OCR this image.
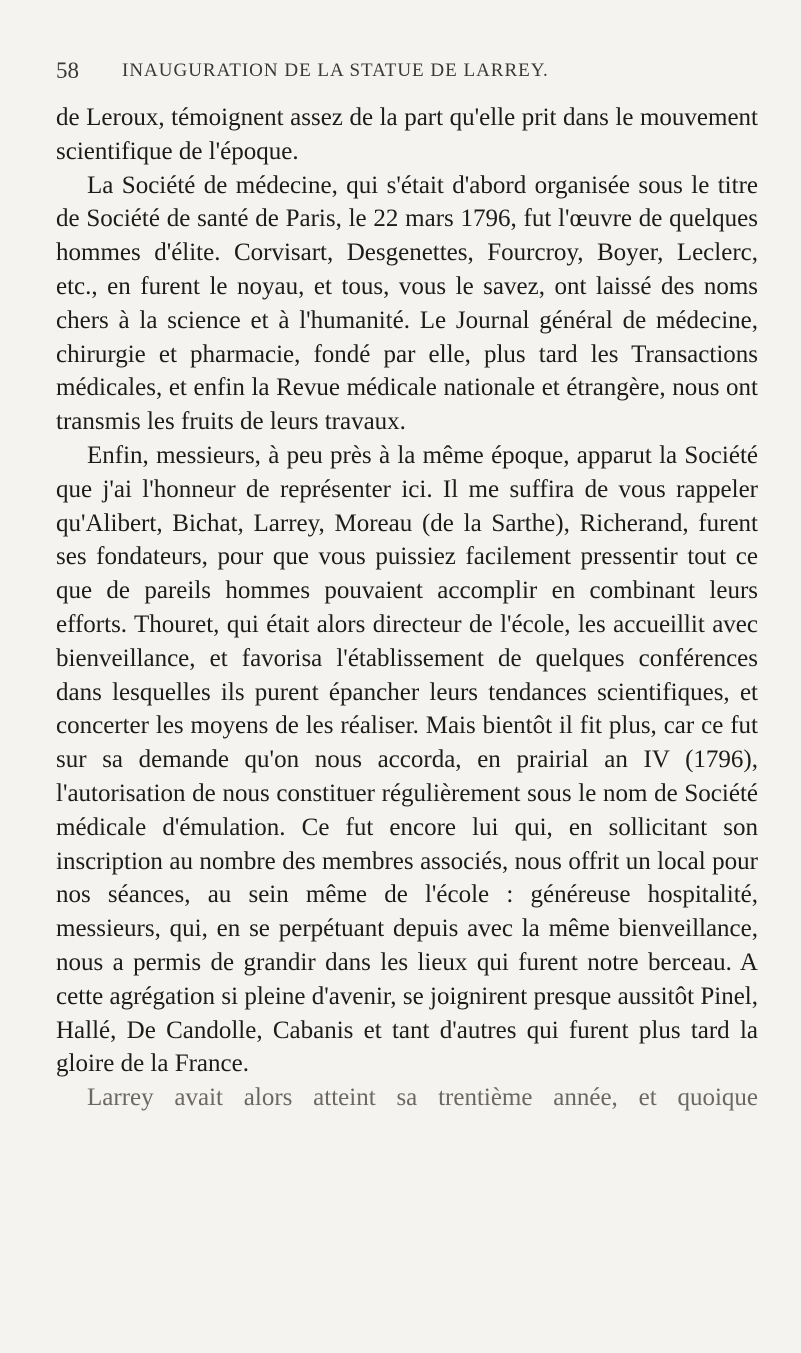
58 INAUGURATION DE LA STATUE DE LARREY.

de Leroux, témoignent assez de la part qu'elle prit dans le mouvement scientifique de l'époque.

La Société de médecine, qui s'était d'abord organisée sous le titre de Société de santé de Paris, le 22 mars 1796, fut l'œuvre de quelques hommes d'élite. Corvisart, Desgenettes, Fourcroy, Boyer, Leclerc, etc., en furent le noyau, et tous, vous le savez, ont laissé des noms chers à la science et à l'humanité. Le Journal général de médecine, chirurgie et pharmacie, fondé par elle, plus tard les Transactions médicales, et enfin la Revue médicale nationale et étrangère, nous ont transmis les fruits de leurs travaux.

Enfin, messieurs, à peu près à la même époque, apparut la Société que j'ai l'honneur de représenter ici. Il me suffira de vous rappeler qu'Alibert, Bichat, Larrey, Moreau (de la Sarthe), Richerand, furent ses fondateurs, pour que vous puissiez facilement pressentir tout ce que de pareils hommes pouvaient accomplir en combinant leurs efforts. Thouret, qui était alors directeur de l'école, les accueillit avec bienveillance, et favorisa l'établissement de quelques conférences dans lesquelles ils purent épancher leurs tendances scientifiques, et concerter les moyens de les réaliser. Mais bientôt il fit plus, car ce fut sur sa demande qu'on nous accorda, en prairial an IV (1796), l'autorisation de nous constituer régulièrement sous le nom de Société médicale d'émulation. Ce fut encore lui qui, en sollicitant son inscription au nombre des membres associés, nous offrit un local pour nos séances, au sein même de l'école : généreuse hospitalité, messieurs, qui, en se perpétuant depuis avec la même bienveillance, nous a permis de grandir dans les lieux qui furent notre berceau. A cette agrégation si pleine d'avenir, se joignirent presque aussitôt Pinel, Hallé, De Candolle, Cabanis et tant d'autres qui furent plus tard la gloire de la France.

Larrey avait alors atteint sa trentième année, et quoique
